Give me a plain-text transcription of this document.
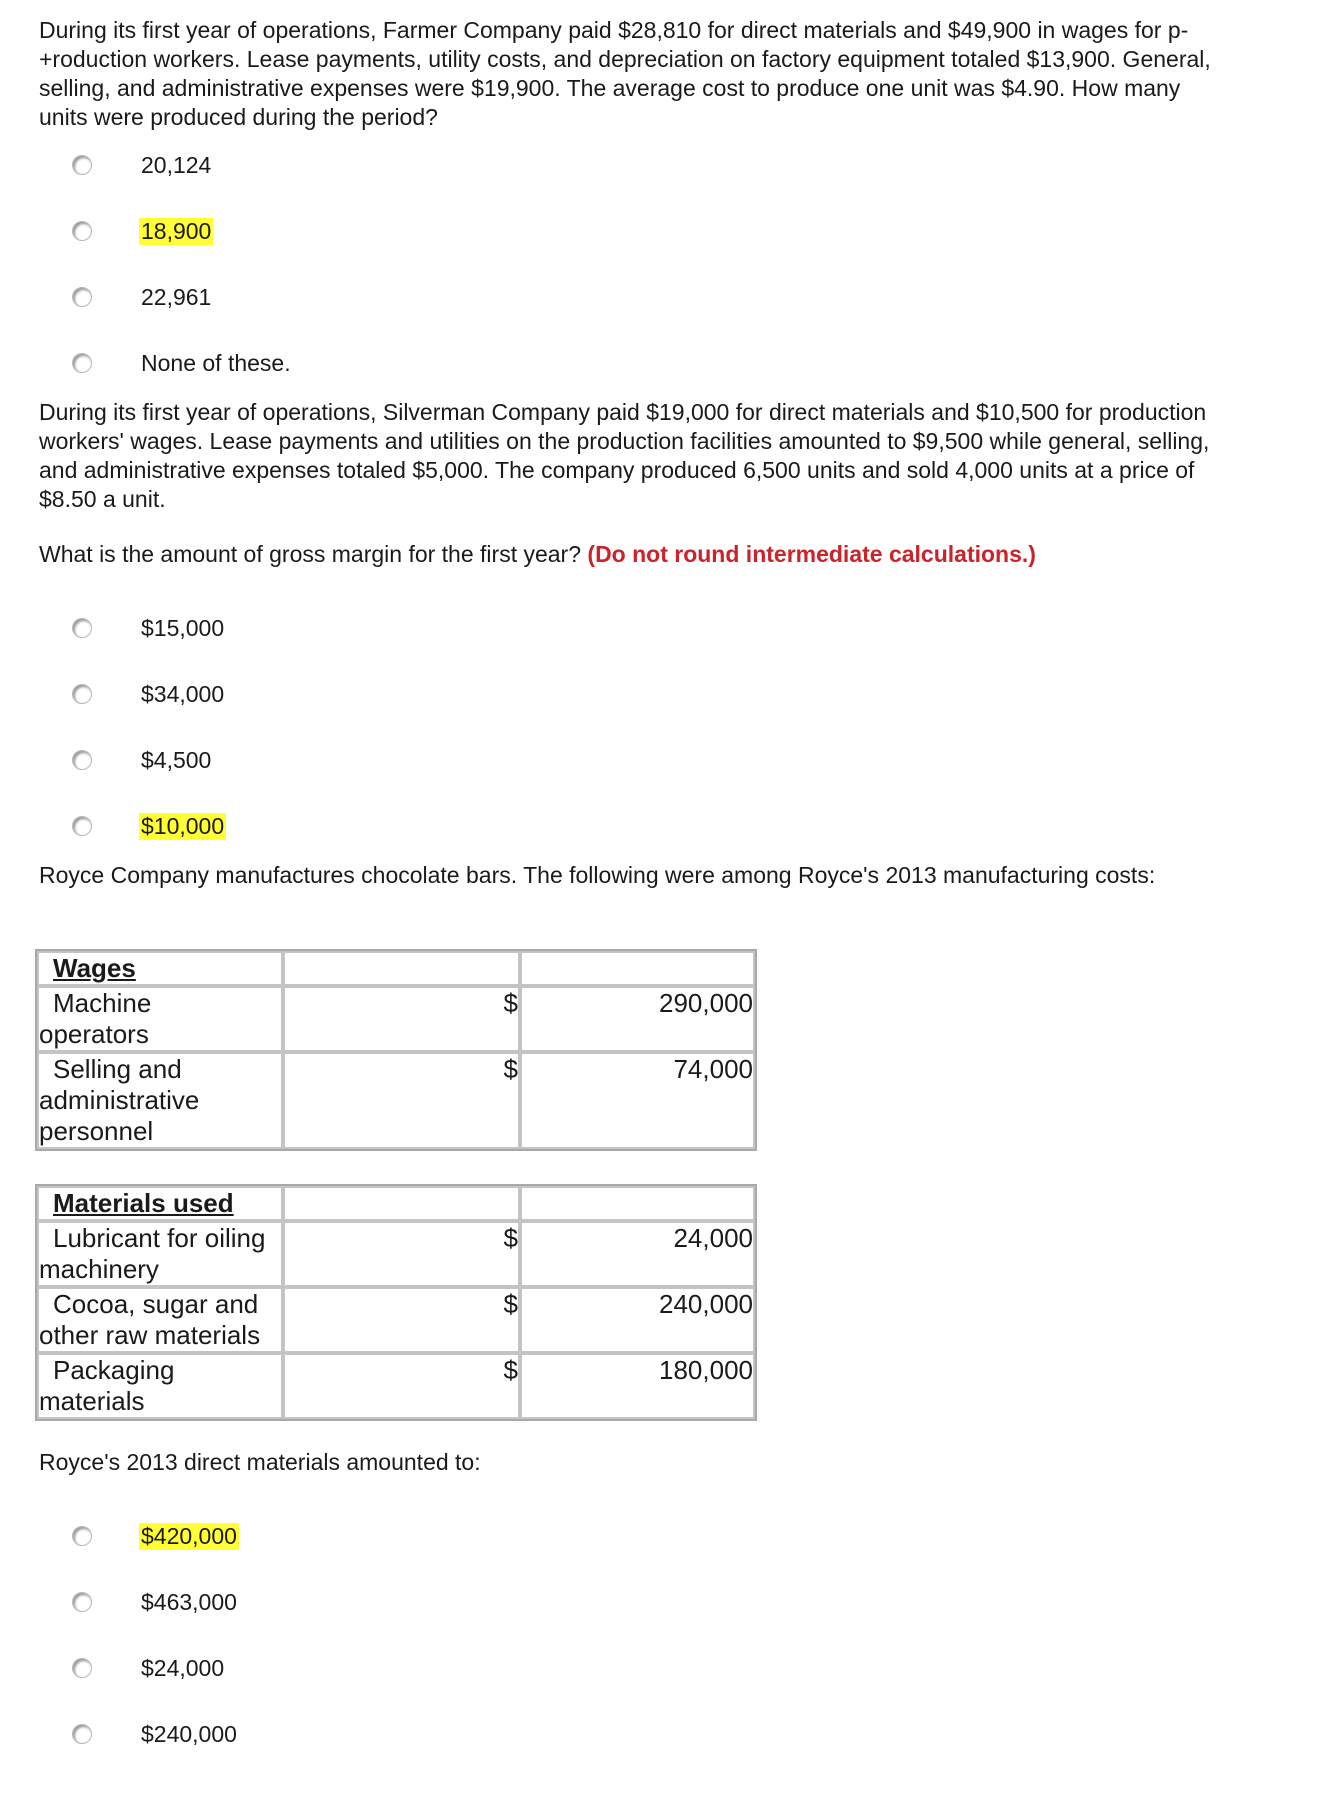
During its first year of operations, Farmer Company paid $28,810 for direct materials and $49,900 in wages for p-
+roduction workers. Lease payments, utility costs, and depreciation on factory equipment totaled $13,900. General,
selling, and administrative expenses were $19,900. The average cost to produce one unit was $4.90. How many
units were produced during the period?

20,124
18,900
22,961
None of these.

During its first year of operations, Silverman Company paid $19,000 for direct materials and $10,500 for production
workers' wages. Lease payments and utilities on the production facilities amounted to $9,500 while general, selling,
and administrative expenses totaled $5,000. The company produced 6,500 units and sold 4,000 units at a price of
$8.50 a unit.

What is the amount of gross margin for the first year? (Do not round intermediate calculations.)

$15,000
$34,000
$4,500
$10,000

Royce Company manufactures chocolate bars. The following were among Royce's 2013 manufacturing costs:

Wages		

Machine
operators	$	290,000

Selling and
administrative
personnel	$	74,000
Materials used		

Lubricant for oiling
machinery	$	24,000

Cocoa, sugar and
other raw materials	$	240,000

Packaging
materials	$	180,000

Royce's 2013 direct materials amounted to:

$420,000
$463,000
$24,000
$240,000
